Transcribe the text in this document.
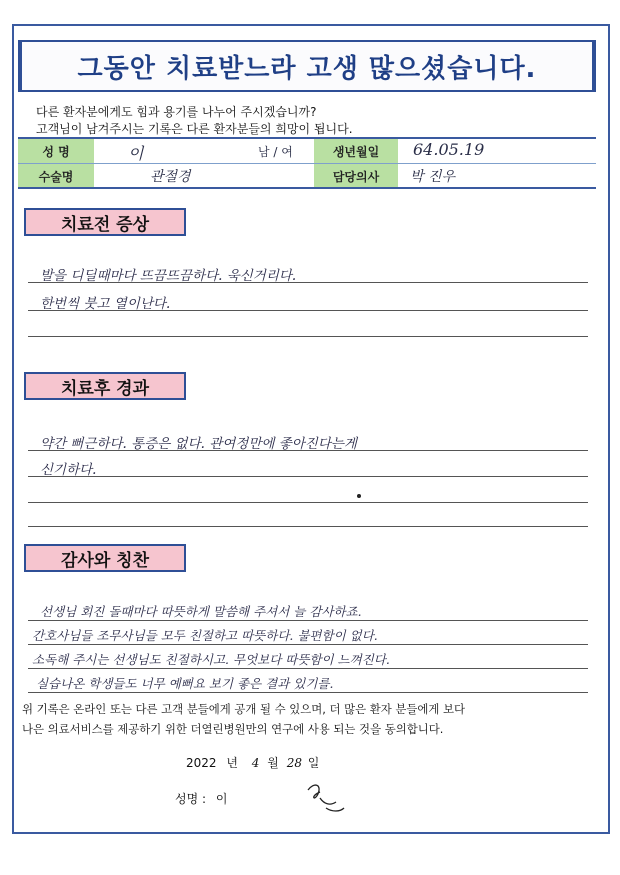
그동안 치료받느라 고생 많으셨습니다.
다른 환자분에게도 힘과 용기를 나누어 주시겠습니까?
고객님이 남겨주시는 기록은 다른 환자분들의 희망이 됩니다.
성 명	이	남 / 여	생년월일	64.05.19
수술명	관절경	담당의사	박 진우
치료전 증상
발을 디딜때마다 뜨끔뜨끔하다. 욱신거리다.
한번씩 붓고 열이난다.
치료후 경과
약간 뻐근하다. 통증은 없다. 관여정만에 좋아진다는게
신기하다.
감사와 칭찬
선생님 회진 돌때마다 따뜻하게 말씀해 주셔서 늘 감사하죠.
간호사님들 조무사님들 모두 친절하고 따뜻하다. 불편함이 없다.
소독해 주시는 선생님도 친절하시고. 무엇보다 따뜻함이 느껴진다.
실습나온 학생들도 너무 예뻐요 보기 좋은 결과 있기를.
위 기록은 온라인 또는 다른 고객 분들에게 공개 될 수 있으며, 더 많은 환자 분들에게 보다
나은 의료서비스를 제공하기 위한 더열린병원만의 연구에 사용 되는 것을 동의합니다.
2022 년 4 월 28 일
성명 : 이
